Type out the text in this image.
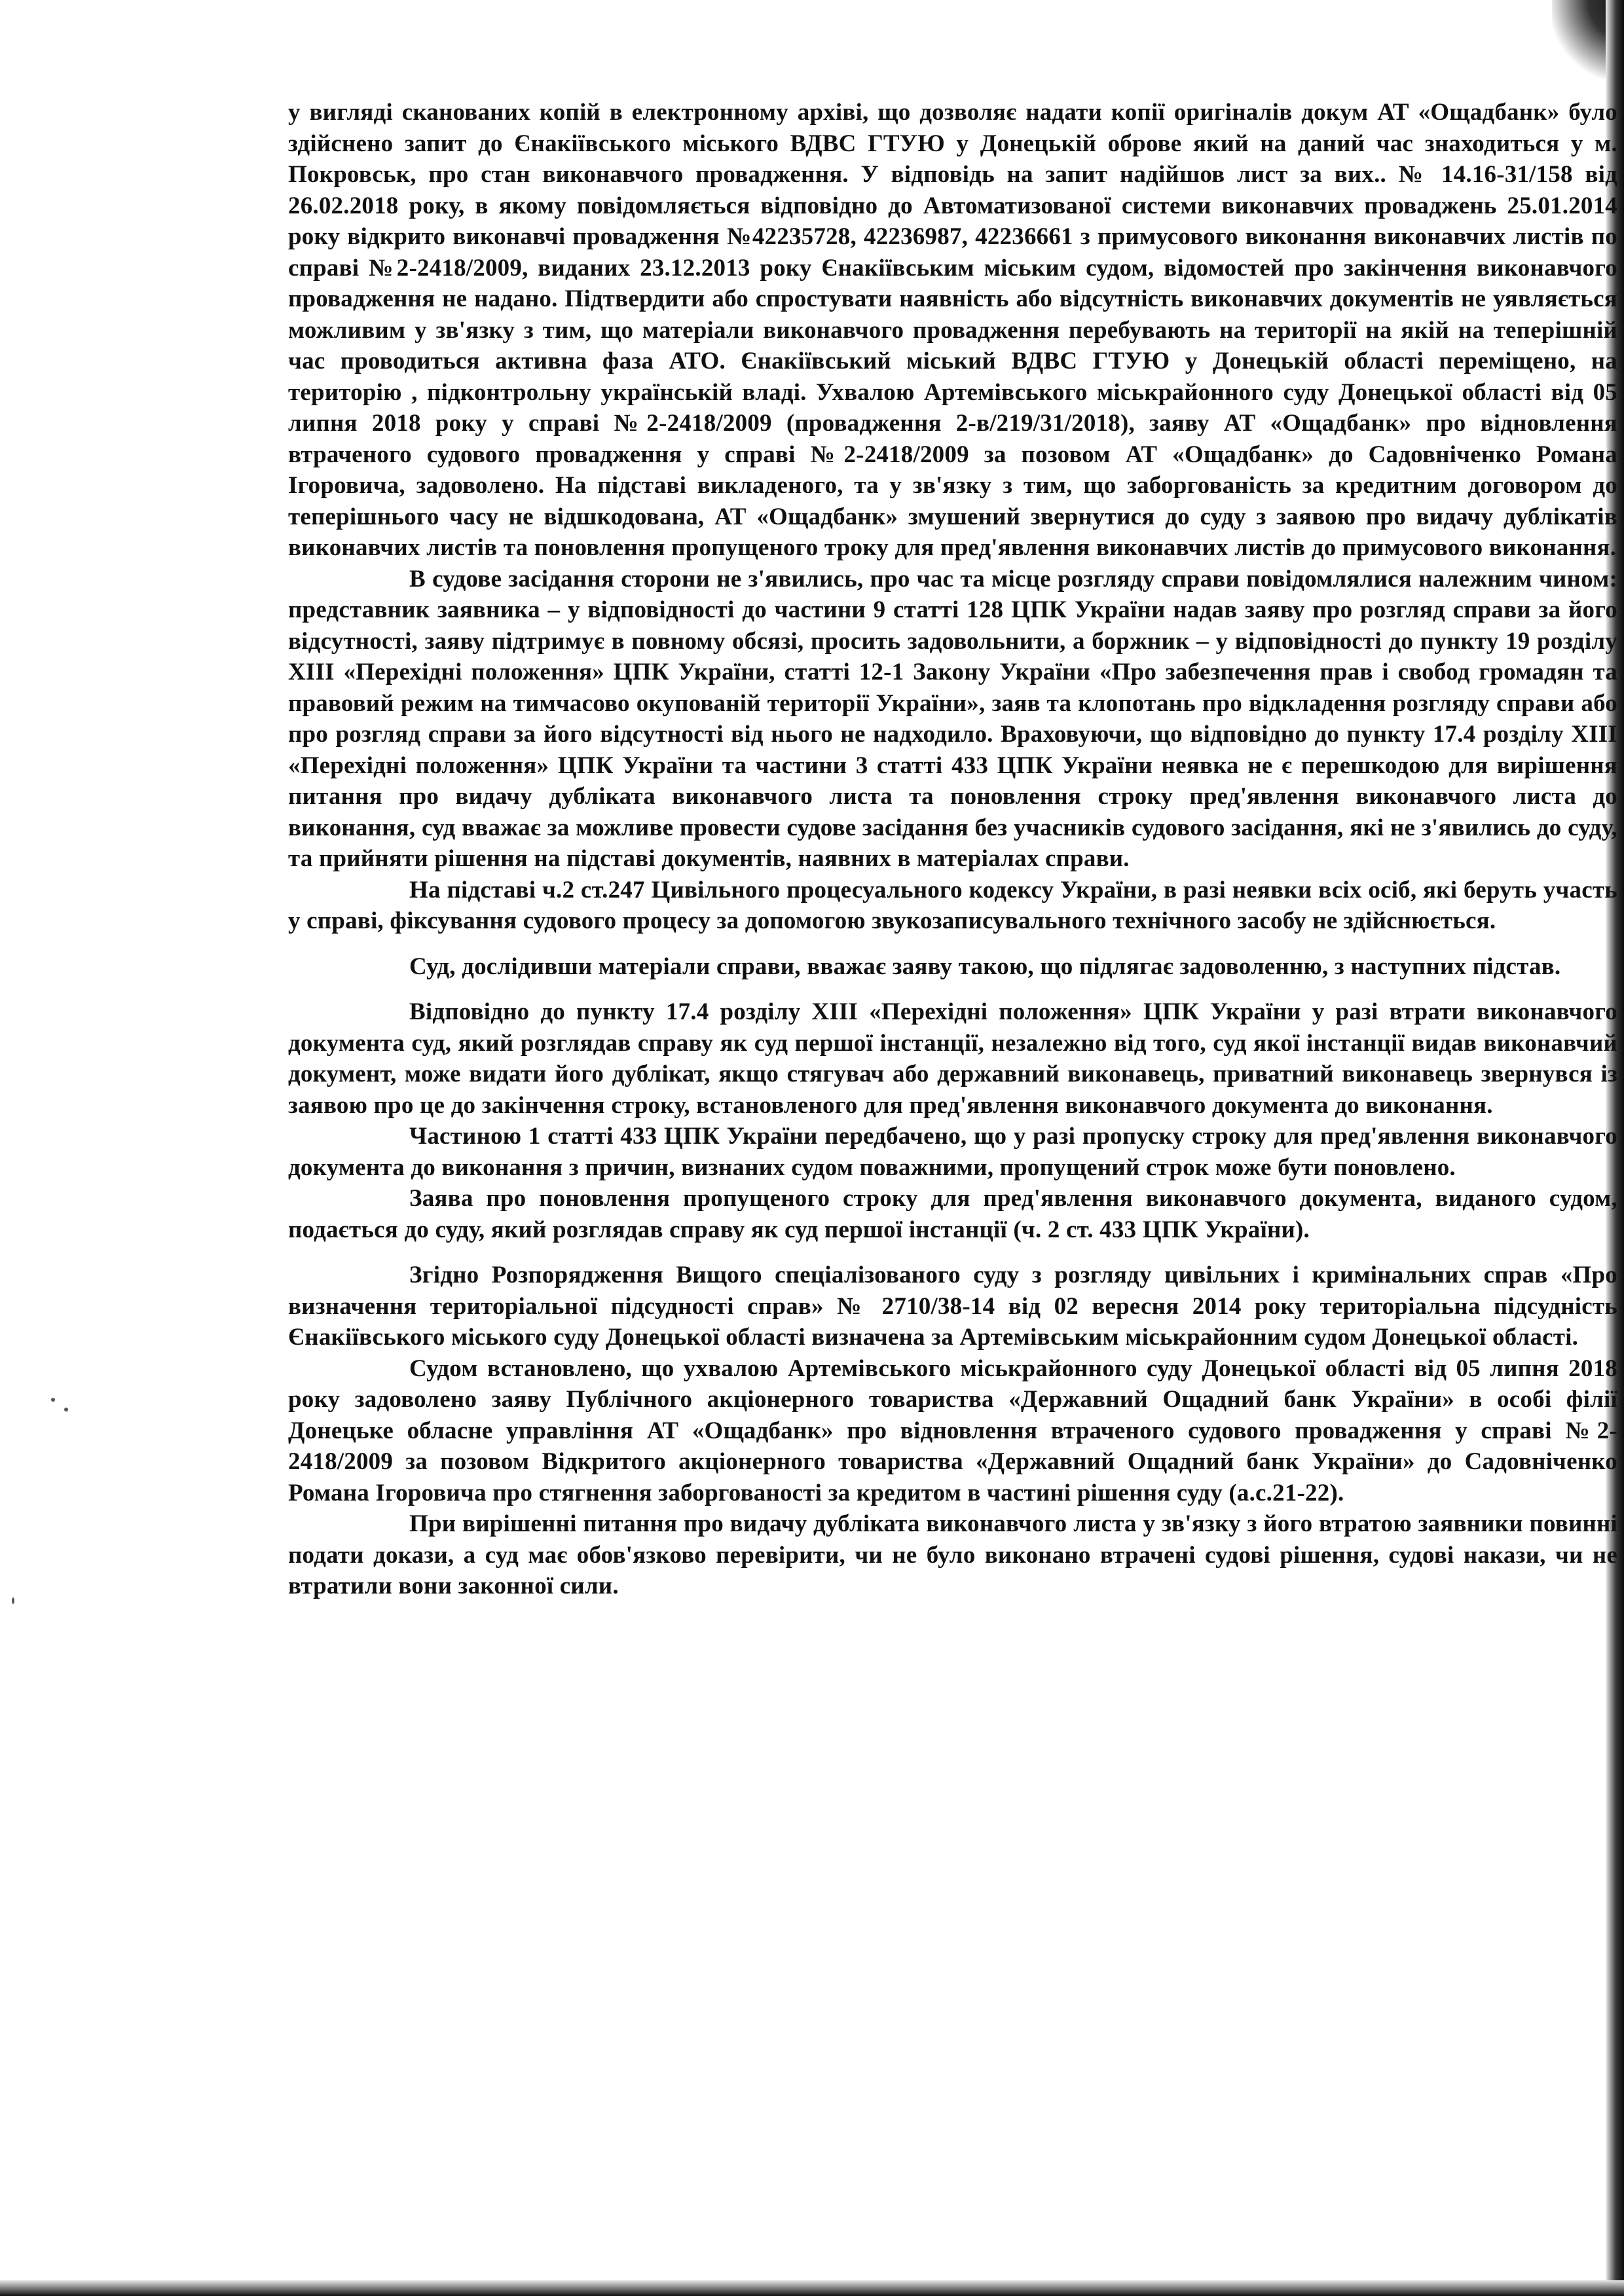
у вигляді сканованих копій в електронному архіві, що дозволяє надати копії оригіналів докум АТ «Ощадбанк» було здійснено запит до Єнакіївського міського ВДВС ГТУЮ у Донецькій оброве який на даний час знаходиться у м. Покровськ, про стан виконавчого провадження. У відповідь на запит надійшов лист за вих.. № 14.16-31/158 від 26.02.2018 року, в якому повідомляється відповідно до Автоматизованої системи виконавчих проваджень 25.01.2014 року відкрито виконавчі провадження №42235728, 42236987, 42236661 з примусового виконання виконавчих листів по справі №2-2418/2009, виданих 23.12.2013 року Єнакіївським міським судом, відомостей про закінчення виконавчого провадження не надано. Підтвердити або спростувати наявність або відсутність виконавчих документів не уявляється можливим у зв'язку з тим, що матеріали виконавчого провадження перебувають на території на якій на теперішній час проводиться активна фаза АТО. Єнакіївський міський ВДВС ГТУЮ у Донецькій області переміщено, на територію , підконтрольну українській владі. Ухвалою Артемівського міськрайонного суду Донецької області від 05 липня 2018 року у справі №2-2418/2009 (провадження 2-в/219/31/2018), заяву АТ «Ощадбанк» про відновлення втраченого судового провадження у справі №2-2418/2009 за позовом АТ «Ощадбанк» до Садовніченко Романа Ігоровича, задоволено. На підставі викладеного, та у зв'язку з тим, що заборгованість за кредитним договором до теперішнього часу не відшкодована, АТ «Ощадбанк» змушений звернутися до суду з заявою про видачу дублікатів виконавчих листів та поновлення пропущеного троку для пред'явлення виконавчих листів до примусового виконання.

В судове засідання сторони не з'явились, про час та місце розгляду справи повідомлялися належним чином: представник заявника – у відповідності до частини 9 статті 128 ЦПК України надав заяву про розгляд справи за його відсутності, заяву підтримує в повному обсязі, просить задовольнити, а боржник – у відповідності до пункту 19 розділу XIII «Перехідні положення» ЦПК України, статті 12-1 Закону України «Про забезпечення прав і свобод громадян та правовий режим на тимчасово окупованій території України», заяв та клопотань про відкладення розгляду справи або про розгляд справи за його відсутності від нього не надходило. Враховуючи, що відповідно до пункту 17.4 розділу XIII «Перехідні положення» ЦПК України та частини 3 статті 433 ЦПК України неявка не є перешкодою для вирішення питання про видачу дубліката виконавчого листа та поновлення строку пред'явлення виконавчого листа до виконання, суд вважає за можливе провести судове засідання без учасників судового засідання, які не з'явились до суду, та прийняти рішення на підставі документів, наявних в матеріалах справи.

На підставі ч.2 ст.247 Цивільного процесуального кодексу України, в разі неявки всіх осіб, які беруть участь у справі, фіксування судового процесу за допомогою звукозаписувального технічного засобу не здійснюється.

Суд, дослідивши матеріали справи, вважає заяву такою, що підлягає задоволенню, з наступних підстав.

Відповідно до пункту 17.4 розділу XIII «Перехідні положення» ЦПК України у разі втрати виконавчого документа суд, який розглядав справу як суд першої інстанції, незалежно від того, суд якої інстанції видав виконавчий документ, може видати його дублікат, якщо стягувач або державний виконавець, приватний виконавець звернувся із заявою про це до закінчення строку, встановленого для пред'явлення виконавчого документа до виконання.

Частиною 1 статті 433 ЦПК України передбачено, що у разі пропуску строку для пред'явлення виконавчого документа до виконання з причин, визнаних судом поважними, пропущений строк може бути поновлено.

Заява про поновлення пропущеного строку для пред'явлення виконавчого документа, виданого судом, подається до суду, який розглядав справу як суд першої інстанції (ч. 2 ст. 433 ЦПК України).

Згідно Розпорядження Вищого спеціалізованого суду з розгляду цивільних і кримінальних справ «Про визначення територіальної підсудності справ» № 2710/38-14 від 02 вересня 2014 року територіальна підсудність Єнакіївського міського суду Донецької області визначена за Артемівським міськрайонним судом Донецької області.

Судом встановлено, що ухвалою Артемівського міськрайонного суду Донецької області від 05 липня 2018 року задоволено заяву Публічного акціонерного товариства «Державний Ощадний банк України» в особі філії Донецьке обласне управління АТ «Ощадбанк» про відновлення втраченого судового провадження у справі №2-2418/2009 за позовом Відкритого акціонерного товариства «Державний Ощадний банк України» до Садовніченко Романа Ігоровича про стягнення заборгованості за кредитом в частині рішення суду (а.с.21-22).

При вирішенні питання про видачу дубліката виконавчого листа у зв'язку з його втратою заявники повинні подати докази, а суд має обов'язково перевірити, чи не було виконано втрачені судові рішення, судові накази, чи не втратили вони законної сили.
